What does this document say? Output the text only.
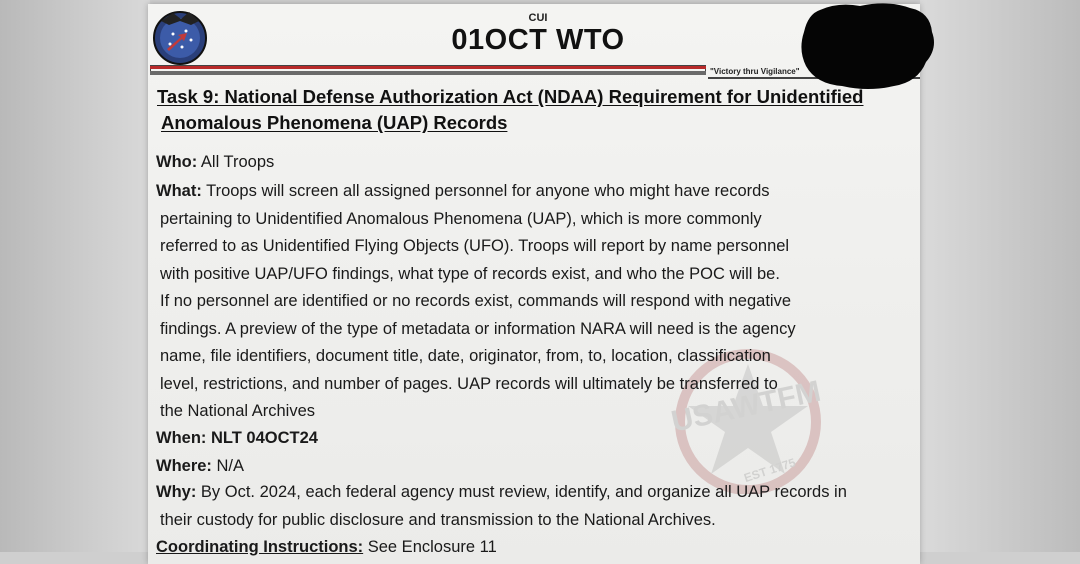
CUI
01OCT WTO
"Victory thru Vigilance"
Task 9: National Defense Authorization Act (NDAA) Requirement for Unidentified
Anomalous Phenomena (UAP) Records
USAWTFM
EST 1775
Who: All Troops
What: Troops will screen all assigned personnel for anyone who might have records
pertaining to Unidentified Anomalous Phenomena (UAP), which is more commonly
referred to as Unidentified Flying Objects (UFO). Troops will report by name personnel
with positive UAP/UFO findings, what type of records exist, and who the POC will be.
If no personnel are identified or no records exist, commands will respond with negative
findings. A preview of the type of metadata or information NARA will need is the agency
name, file identifiers, document title, date, originator, from, to, location, classification
level, restrictions, and number of pages. UAP records will ultimately be transferred to
the National Archives
When: NLT 04OCT24
Where: N/A
Why: By Oct. 2024, each federal agency must review, identify, and organize all UAP records in
their custody for public disclosure and transmission to the National Archives.
Coordinating Instructions: See Enclosure 11
